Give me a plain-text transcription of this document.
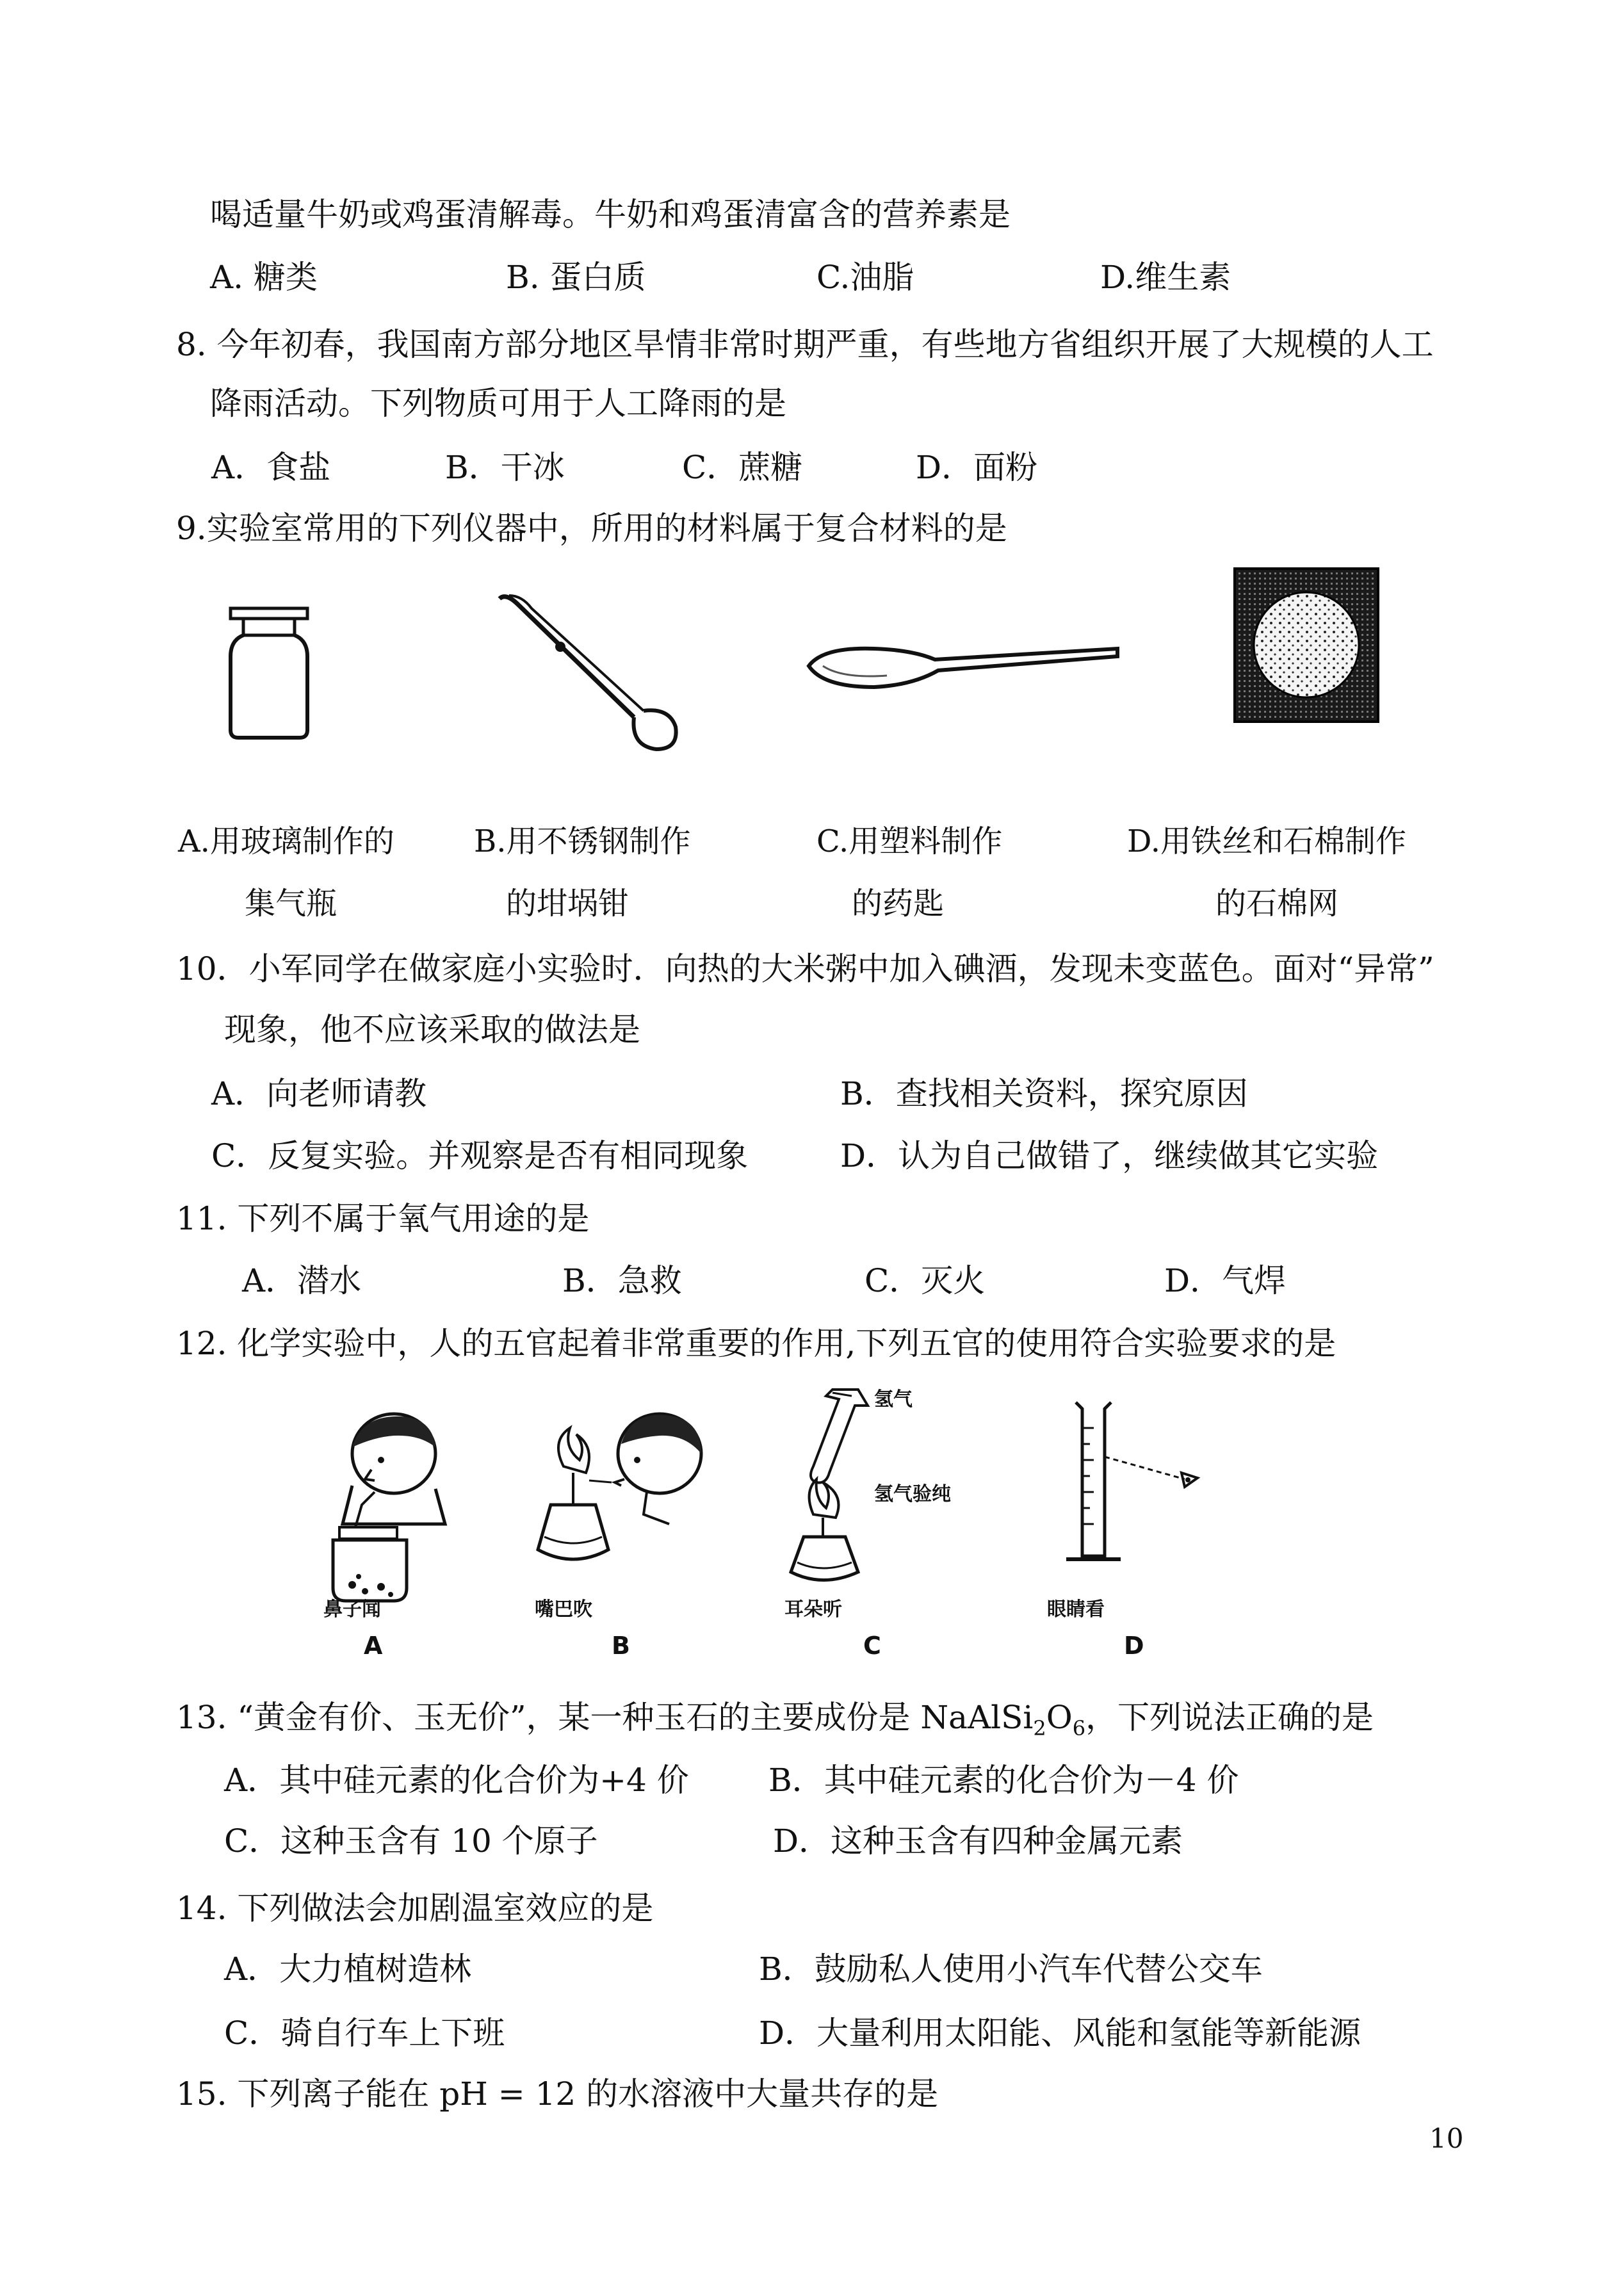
喝适量牛奶或鸡蛋清解毒。牛奶和鸡蛋清富含的营养素是
A. 糖类	B. 蛋白质	C.油脂	D.维生素
8. 今年初春，我国南方部分地区旱情非常时期严重，有些地方省组织开展了大规模的人工
降雨活动。下列物质可用于人工降雨的是
A．食盐	B．干冰	C．蔗糖	D．面粉
9.实验室常用的下列仪器中，所用的材料属于复合材料的是
A.用玻璃制作的
集气瓶
B.用不锈钢制作
的坩埚钳
C.用塑料制作
的药匙
D.用铁丝和石棉制作
的石棉网
10．小军同学在做家庭小实验时．向热的大米粥中加入碘酒，发现未变蓝色。面对“异常”
现象，他不应该采取的做法是
A．向老师请教	B．查找相关资料，探究原因
C．反复实验。并观察是否有相同现象	D．认为自己做错了，继续做其它实验
11. 下列不属于氧气用途的是
A．潜水	B．急救	C．灭火	D．气焊
12. 化学实验中，人的五官起着非常重要的作用,下列五官的使用符合实验要求的是
鼻子闻
A
嘴巴吹
B
氢气
氢气验纯
耳朵听
C
眼睛看
D
13. “黄金有价、玉无价”，某一种玉石的主要成份是 $NaAlSi_2O_6$，下列说法正确的是
A．其中硅元素的化合价为+4 价 B．其中硅元素的化合价为－4 价
C．这种玉含有 10 个原子	D．这种玉含有四种金属元素
14. 下列做法会加剧温室效应的是
A．大力植树造林	B．鼓励私人使用小汽车代替公交车
C．骑自行车上下班	D．大量利用太阳能、风能和氢能等新能源
15. 下列离子能在 pH = 12 的水溶液中大量共存的是
10
